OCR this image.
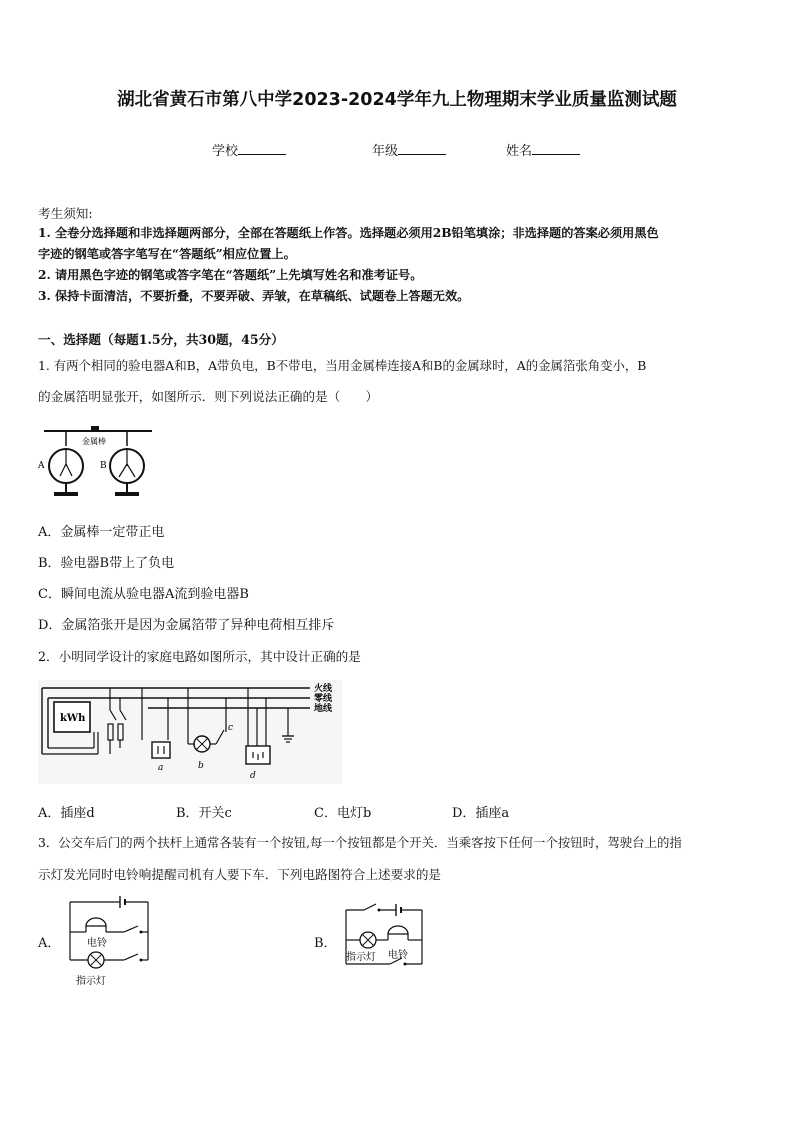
湖北省黄石市第八中学2023-2024学年九上物理期末学业质量监测试题
学校	年级	姓名
考生须知:
1. 全卷分选择题和非选择题两部分，全部在答题纸上作答。选择题必须用2B铅笔填涂；非选择题的答案必须用黑色
字迹的钢笔或答字笔写在“答题纸”相应位置上。
2. 请用黑色字迹的钢笔或答字笔在“答题纸”上先填写姓名和准考证号。
3. 保持卡面清洁，不要折叠，不要弄破、弄皱，在草稿纸、试题卷上答题无效。
一、选择题（每题1.5分，共30题，45分）
1. 有两个相同的验电器A和B，A带负电，B不带电，当用金属棒连接A和B的金属球时，A的金属箔张角变小，B
的金属箔明显张开，如图所示．则下列说法正确的是（　　）
金属棒
A	B
A．金属棒一定带正电
B．验电器B带上了负电
C．瞬间电流从验电器A流到验电器B
D．金属箔张开是因为金属箔带了异种电荷相互排斥
2．小明同学设计的家庭电路如图所示，其中设计正确的是
kWh
a	b
c
d
火线
零线
地线
A．插座d	B．开关c	C．电灯b	D．插座a
3．公交车后门的两个扶杆上通常各装有一个按钮,每一个按钮都是个开关．当乘客按下任何一个按钮时，驾驶台上的指
示灯发光同时电铃响提醒司机有人要下车．下列电路图符合上述要求的是
A．	电铃
指示灯
B．
电铃
指示灯
